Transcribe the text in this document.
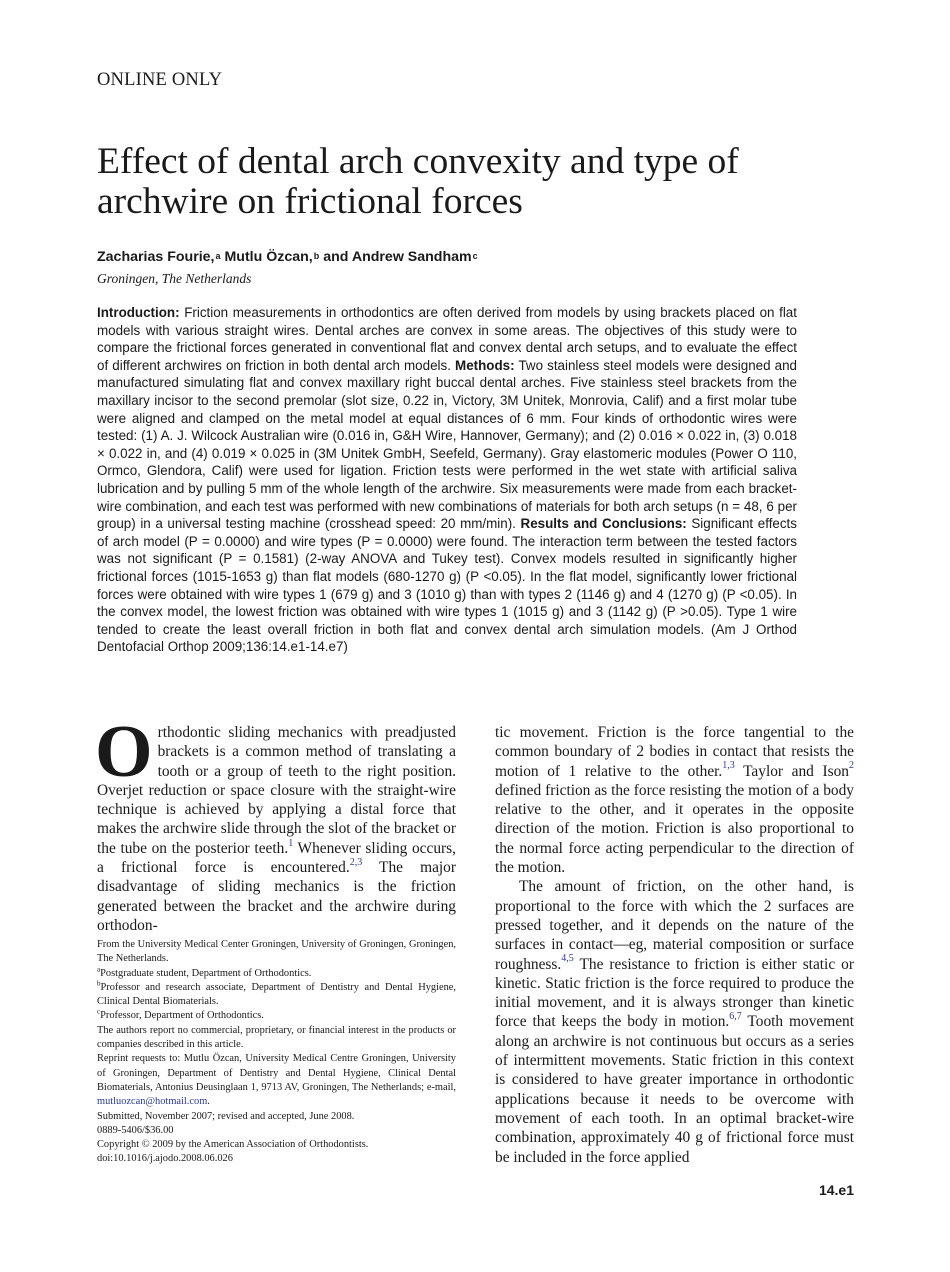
ONLINE ONLY
Effect of dental arch convexity and type of archwire on frictional forces
Zacharias Fourie,$^a$ Mutlu Özcan,$^b$ and Andrew Sandham$^c$
Groningen, The Netherlands

Introduction: Friction measurements in orthodontics are often derived from models by using brackets placed on flat models with various straight wires. Dental arches are convex in some areas. The objectives of this study were to compare the frictional forces generated in conventional flat and convex dental arch setups, and to evaluate the effect of different archwires on friction in both dental arch models. Methods: Two stainless steel models were designed and manufactured simulating flat and convex maxillary right buccal dental arches. Five stainless steel brackets from the maxillary incisor to the second premolar (slot size, 0.22 in, Victory, 3M Unitek, Monrovia, Calif) and a first molar tube were aligned and clamped on the metal model at equal distances of 6 mm. Four kinds of orthodontic wires were tested: (1) A. J. Wilcock Australian wire (0.016 in, G&H Wire, Hannover, Germany); and (2) 0.016 × 0.022 in, (3) 0.018 × 0.022 in, and (4) 0.019 × 0.025 in (3M Unitek GmbH, Seefeld, Germany). Gray elastomeric modules (Power O 110, Ormco, Glendora, Calif) were used for ligation. Friction tests were performed in the wet state with artificial saliva lubrication and by pulling 5 mm of the whole length of the archwire. Six measurements were made from each bracket-wire combination, and each test was performed with new combinations of materials for both arch setups (n = 48, 6 per group) in a universal testing machine (crosshead speed: 20 mm/min). Results and Conclusions: Significant effects of arch model (P = 0.0000) and wire types (P = 0.0000) were found. The interaction term between the tested factors was not significant (P = 0.1581) (2-way ANOVA and Tukey test). Convex models resulted in significantly higher frictional forces (1015-1653 g) than flat models (680-1270 g) (P <0.05). In the flat model, significantly lower frictional forces were obtained with wire types 1 (679 g) and 3 (1010 g) than with types 2 (1146 g) and 4 (1270 g) (P <0.05). In the convex model, the lowest friction was obtained with wire types 1 (1015 g) and 3 (1142 g) (P >0.05). Type 1 wire tended to create the least overall friction in both flat and convex dental arch simulation models. (Am J Orthod Dentofacial Orthop 2009;136:14.e1-14.e7)

Orthodontic sliding mechanics with preadjusted brackets is a common method of translating a tooth or a group of teeth to the right position. Overjet reduction or space closure with the straight-wire technique is achieved by applying a distal force that makes the archwire slide through the slot of the bracket or the tube on the posterior teeth.$^1$ Whenever sliding occurs, a frictional force is encountered.$^{2,3}$ The major disadvantage of sliding mechanics is the friction generated between the bracket and the archwire during orthodon-

tic movement. Friction is the force tangential to the common boundary of 2 bodies in contact that resists the motion of 1 relative to the other.$^{1,3}$ Taylor and Ison$^2$ defined friction as the force resisting the motion of a body relative to the other, and it operates in the opposite direction of the motion. Friction is also proportional to the normal force acting perpendicular to the direction of the motion.

The amount of friction, on the other hand, is proportional to the force with which the 2 surfaces are pressed together, and it depends on the nature of the surfaces in contact—eg, material composition or surface roughness.$^{4,5}$ The resistance to friction is either static or kinetic. Static friction is the force required to produce the initial movement, and it is always stronger than kinetic force that keeps the body in motion.$^{6,7}$ Tooth movement along an archwire is not continuous but occurs as a series of intermittent movements. Static friction in this context is considered to have greater importance in orthodontic applications because it needs to be overcome with movement of each tooth. In an optimal bracket-wire combination, approximately 40 g of frictional force must be included in the force applied

From the University Medical Center Groningen, University of Groningen, Groningen, The Netherlands.

$^a$Postgraduate student, Department of Orthodontics.

$^b$Professor and research associate, Department of Dentistry and Dental Hygiene, Clinical Dental Biomaterials.

$^c$Professor, Department of Orthodontics.

The authors report no commercial, proprietary, or financial interest in the products or companies described in this article.

Reprint requests to: Mutlu Özcan, University Medical Centre Groningen, University of Groningen, Department of Dentistry and Dental Hygiene, Clinical Dental Biomaterials, Antonius Deusinglaan 1, 9713 AV, Groningen, The Netherlands; e-mail, mutluozcan@hotmail.com.

Submitted, November 2007; revised and accepted, June 2008.

0889-5406/$36.00

Copyright © 2009 by the American Association of Orthodontists.

doi:10.1016/j.ajodo.2008.06.026

14.e1
